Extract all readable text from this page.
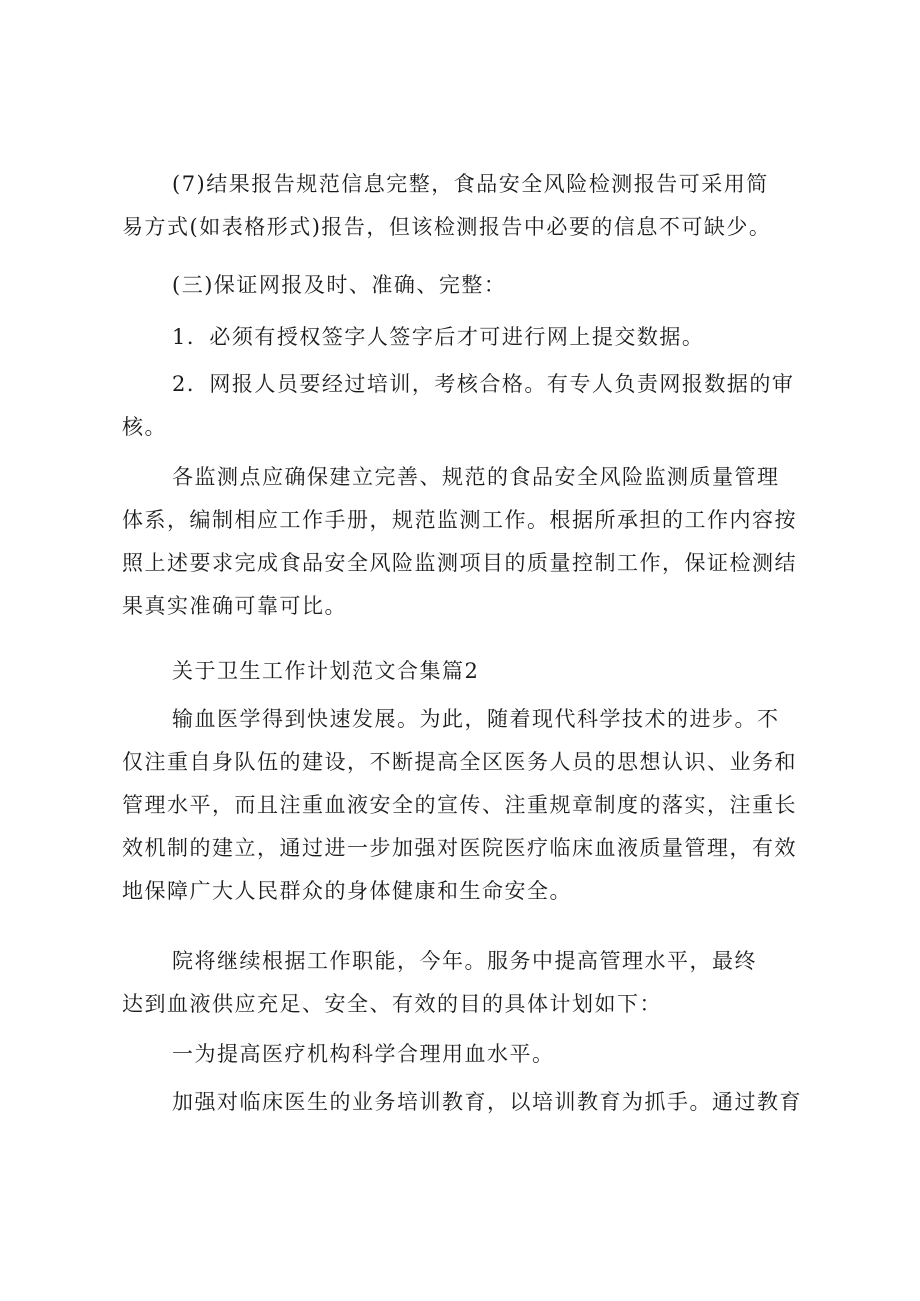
(7)结果报告规范信息完整，食品安全风险检测报告可采用简
易方式(如表格形式)报告，但该检测报告中必要的信息不可缺少。
(三)保证网报及时、准确、完整：
1．必须有授权签字人签字后才可进行网上提交数据。
2．网报人员要经过培训，考核合格。有专人负责网报数据的审
核。
各监测点应确保建立完善、规范的食品安全风险监测质量管理
体系，编制相应工作手册，规范监测工作。根据所承担的工作内容按
照上述要求完成食品安全风险监测项目的质量控制工作，保证检测结
果真实准确可靠可比。
关于卫生工作计划范文合集篇2
输血医学得到快速发展。为此，随着现代科学技术的进步。不
仅注重自身队伍的建设，不断提高全区医务人员的思想认识、业务和
管理水平，而且注重血液安全的宣传、注重规章制度的落实，注重长
效机制的建立，通过进一步加强对医院医疗临床血液质量管理，有效
地保障广大人民群众的身体健康和生命安全。
院将继续根据工作职能，今年。服务中提高管理水平，最终
达到血液供应充足、安全、有效的目的具体计划如下：
一为提高医疗机构科学合理用血水平。
加强对临床医生的业务培训教育，以培训教育为抓手。通过教育
